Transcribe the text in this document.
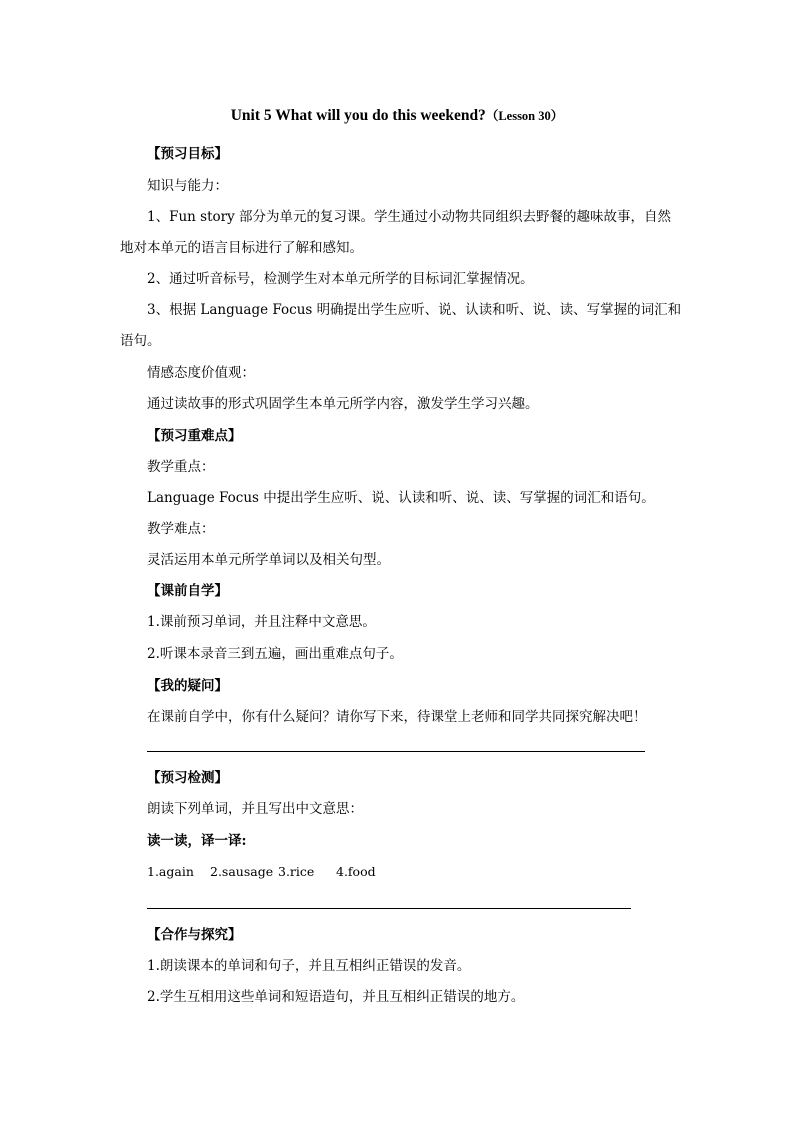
Unit 5 What will you do this weekend?（Lesson 30）
【预习目标】
知识与能力：
1、Fun story 部分为单元的复习课。学生通过小动物共同组织去野餐的趣味故事，自然
地对本单元的语言目标进行了解和感知。
2、通过听音标号，检测学生对本单元所学的目标词汇掌握情况。
3、根据 Language Focus 明确提出学生应听、说、认读和听、说、读、写掌握的词汇和
语句。
情感态度价值观：
通过读故事的形式巩固学生本单元所学内容，激发学生学习兴趣。
【预习重难点】
教学重点：
Language Focus 中提出学生应听、说、认读和听、说、读、写掌握的词汇和语句。
教学难点：
灵活运用本单元所学单词以及相关句型。
【课前自学】
1.课前预习单词，并且注释中文意思。
2.听课本录音三到五遍，画出重难点句子。
【我的疑问】
在课前自学中，你有什么疑问？请你写下来，待课堂上老师和同学共同探究解决吧！
【预习检测】
朗读下列单词，并且写出中文意思：
读一读，译一译:
1.again 2.sausage 3.rice 4.food
【合作与探究】
1.朗读课本的单词和句子，并且互相纠正错误的发音。
2.学生互相用这些单词和短语造句，并且互相纠正错误的地方。
